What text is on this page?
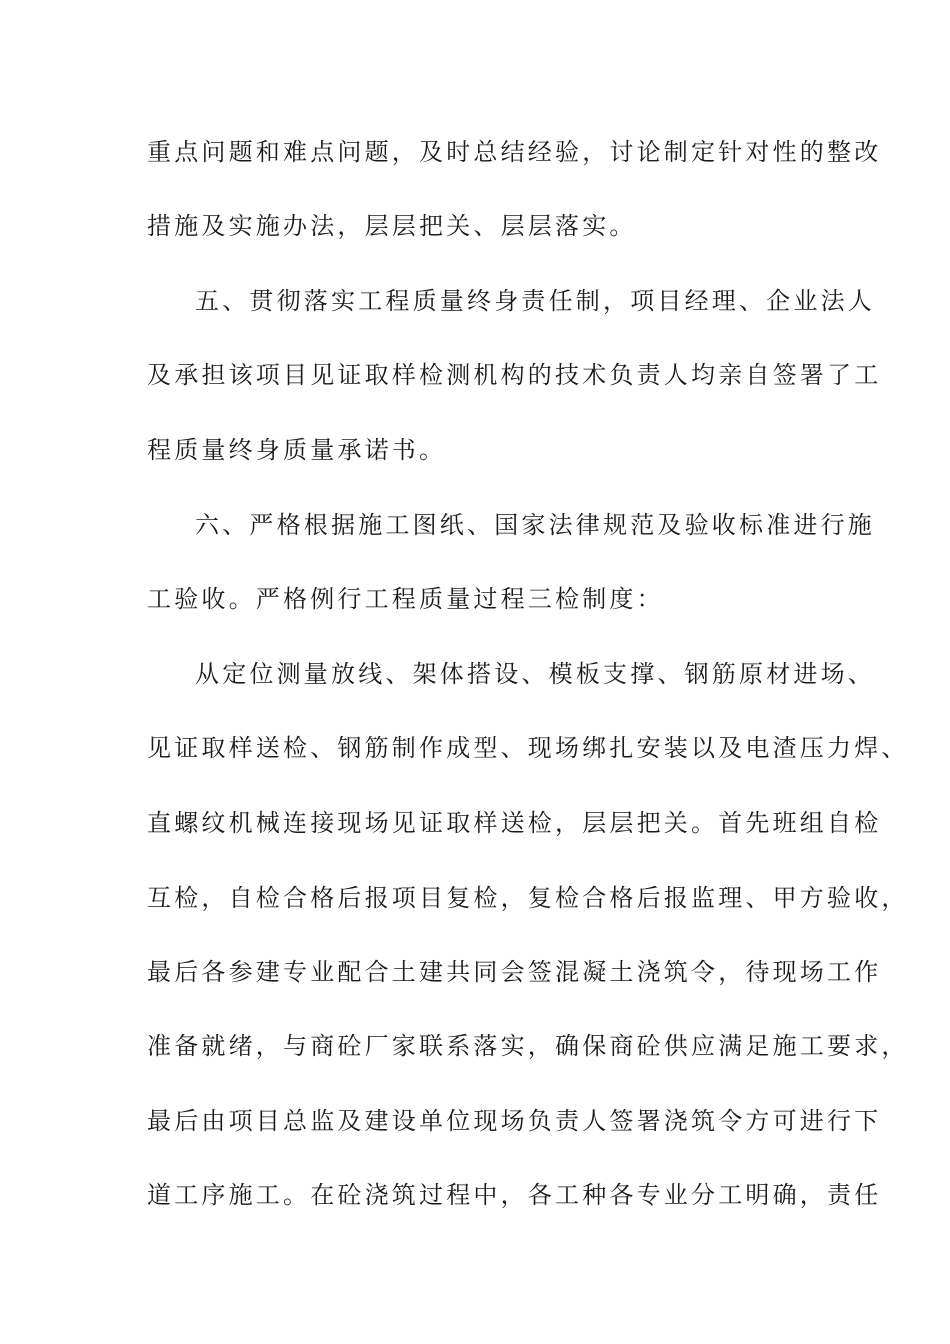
重点问题和难点问题，及时总结经验，讨论制定针对性的整改
措施及实施办法，层层把关、层层落实。
五、贯彻落实工程质量终身责任制，项目经理、企业法人
及承担该项目见证取样检测机构的技术负责人均亲自签署了工
程质量终身质量承诺书。
六、严格根据施工图纸、国家法律规范及验收标准进行施
工验收。严格例行工程质量过程三检制度：
从定位测量放线、架体搭设、模板支撑、钢筋原材进场、
见证取样送检、钢筋制作成型、现场绑扎安装以及电渣压力焊、
直螺纹机械连接现场见证取样送检，层层把关。首先班组自检
互检，自检合格后报项目复检，复检合格后报监理、甲方验收，
最后各参建专业配合土建共同会签混凝土浇筑令，待现场工作
准备就绪，与商砼厂家联系落实，确保商砼供应满足施工要求，
最后由项目总监及建设单位现场负责人签署浇筑令方可进行下
道工序施工。在砼浇筑过程中，各工种各专业分工明确，责任
